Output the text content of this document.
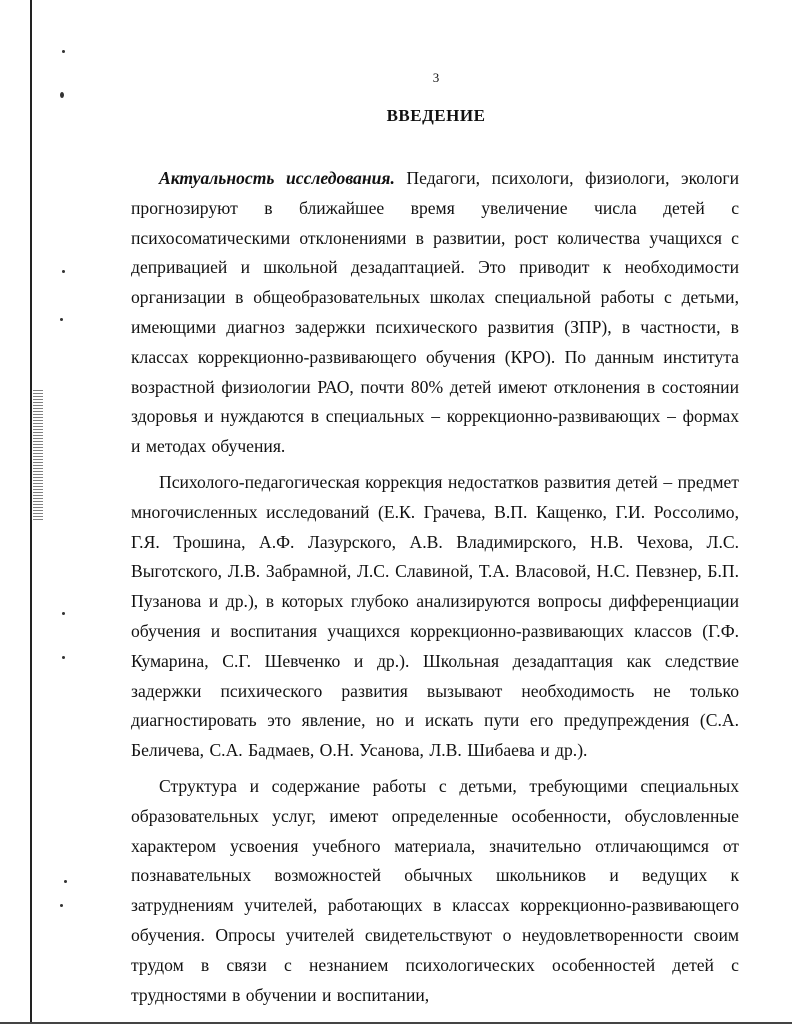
3
ВВЕДЕНИЕ

Актуальность исследования. Педагоги, психологи, физиологи, экологи прогнозируют в ближайшее время увеличение числа детей с психосоматическими отклонениями в развитии, рост количества учащихся с депривацией и школьной дезадаптацией. Это приводит к необходимости организации в общеобразовательных школах специальной работы с детьми, имеющими диагноз задержки психического развития (ЗПР), в частности, в классах коррекционно-развивающего обучения (КРО). По данным института возрастной физиологии РАО, почти 80% детей имеют отклонения в состоянии здоровья и нуждаются в специальных – коррекционно-развивающих – формах и методах обучения.

Психолого-педагогическая коррекция недостатков развития детей – предмет многочисленных исследований (Е.К. Грачева, В.П. Кащенко, Г.И. Россолимо, Г.Я. Трошина, А.Ф. Лазурского, А.В. Владимирского, Н.В. Чехова, Л.С. Выготского, Л.В. Забрамной, Л.С. Славиной, Т.А. Власовой, Н.С. Певзнер, Б.П. Пузанова и др.), в которых глубоко анализируются вопросы дифференциации обучения и воспитания учащихся коррекционно-развивающих классов (Г.Ф. Кумарина, С.Г. Шевченко и др.). Школьная дезадаптация как следствие задержки психического развития вызывают необходимость не только диагностировать это явление, но и искать пути его предупреждения (С.А. Беличева, С.А. Бадмаев, О.Н. Усанова, Л.В. Шибаева и др.).

Структура и содержание работы с детьми, требующими специальных образовательных услуг, имеют определенные особенности, обусловленные характером усвоения учебного материала, значительно отличающимся от познавательных возможностей обычных школьников и ведущих к затруднениям учителей, работающих в классах коррекционно-развивающего обучения. Опросы учителей свидетельствуют о неудовлетворенности своим трудом в связи с незнанием психологических особенностей детей с трудностями в обучении и воспитании,
